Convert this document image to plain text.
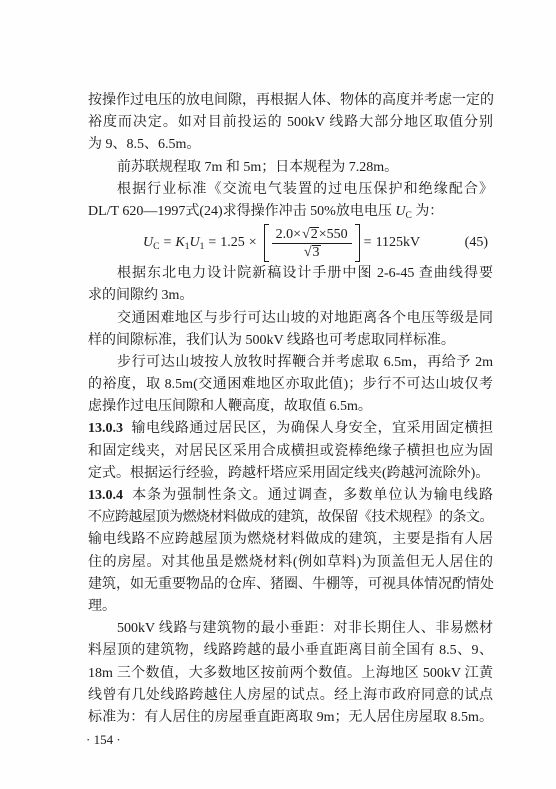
按操作过电压的放电间隙，再根据人体、物体的高度并考虑一定的
裕度而决定。如对目前投运的 500kV 线路大部分地区取值分别
为 9、8.5、6.5m。
前苏联规程取 7m 和 5m；日本规程为 7.28m。
根据行业标准《交流电气装置的过电压保护和绝缘配合》
DL/T 620—1997式(24)求得操作冲击 50%放电电压 $U_C$ 为：
$U_C = K_1$ $U_1 = 1.25 \times \frac{2.0\times√2\times 550}{√3} = 1125kV$	(45)
根据东北电力设计院新稿设计手册中图 2-6-45 查曲线得要
求的间隙约 3m。
交通困难地区与步行可达山坡的对地距离各个电压等级是同
样的间隙标准，我们认为 500kV 线路也可考虑取同样标准。
步行可达山坡按人放牧时挥鞭合并考虑取 6.5m，再给予 2m
的裕度，取 8.5m(交通困难地区亦取此值)；步行不可达山坡仅考
虑操作过电压间隙和人鞭高度，故取值 6.5m。
13.0.3 输电线路通过居民区，为确保人身安全，宜采用固定横担
和固定线夹，对居民区采用合成横担或瓷棒绝缘子横担也应为固
定式。根据运行经验，跨越杆塔应采用固定线夹(跨越河流除外)。
13.0.4 本条为强制性条文。通过调查，多数单位认为输电线路
不应跨越屋顶为燃烧材料做成的建筑，故保留《技术规程》的条文。
输电线路不应跨越屋顶为燃烧材料做成的建筑，主要是指有人居
住的房屋。对其他虽是燃烧材料(例如草料)为顶盖但无人居住的
建筑，如无重要物品的仓库、猪圈、牛棚等，可视具体情况酌情处
理。
500kV 线路与建筑物的最小垂距：对非长期住人、非易燃材
料屋顶的建筑物，线路跨越的最小垂直距离目前全国有 8.5、9、
18m 三个数值，大多数地区按前两个数值。上海地区 500kV 江黄
线曾有几处线路跨越住人房屋的试点。经上海市政府同意的试点
标准为：有人居住的房屋垂直距离取 9m；无人居住房屋取 8.5m。
· 154 ·
